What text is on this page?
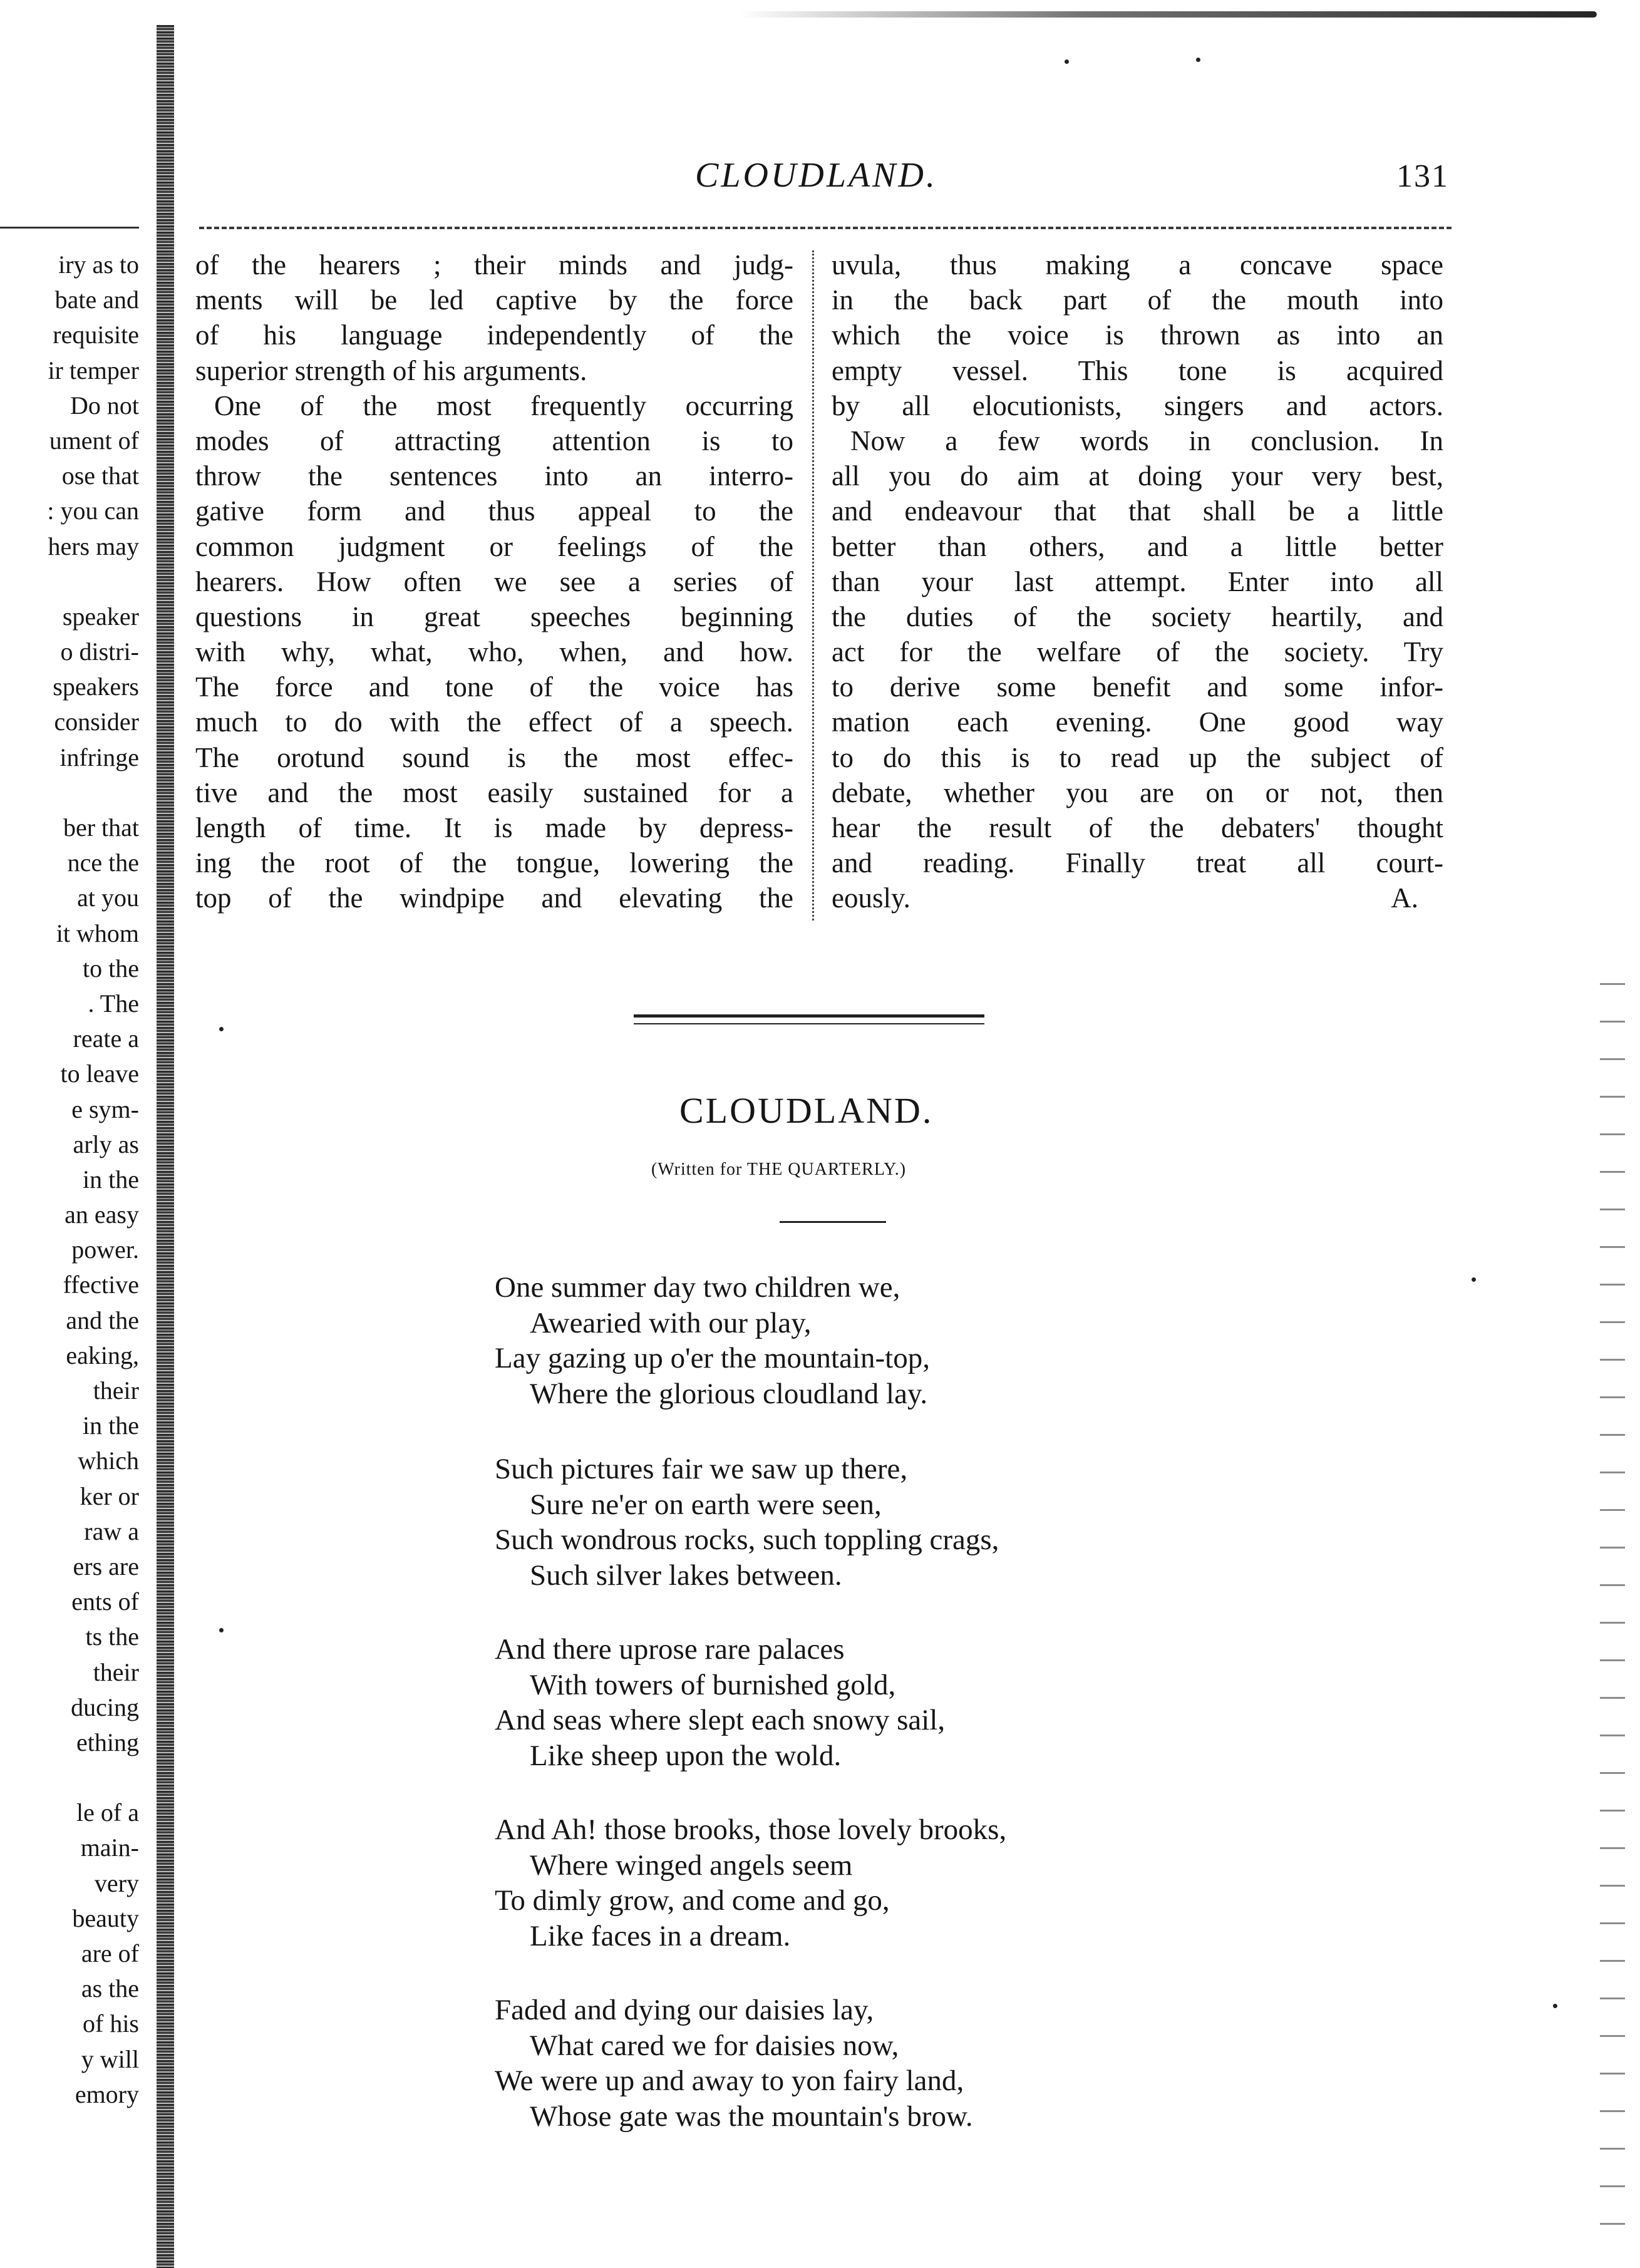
iry as to
bate and
requisite
ir temper
Do not
ument of
ose that
: you can
hers may
speaker
o distri-
speakers
consider
infringe
ber that
nce the
at you
it whom
to the
. The
reate a
to leave
e sym-
arly as
in the
an easy
power.
ffective
and the
eaking,
their
in the
which
ker or
raw a
ers are
ents of
ts the
their
ducing
ething
le of a
main-
very
beauty
are of
as the
of his
y will
emory
CLOUDLAND.	131
of the hearers ; their minds and judg-
ments will be led captive by the force
of his language independently of the
superior strength of his arguments.
One of the most frequently occurring
modes of attracting attention is to
throw the sentences into an interro-
gative form and thus appeal to the
common judgment or feelings of the
hearers. How often we see a series of
questions in great speeches beginning
with why, what, who, when, and how.
The force and tone of the voice has
much to do with the effect of a speech.
The orotund sound is the most effec-
tive and the most easily sustained for a
length of time. It is made by depress-
ing the root of the tongue, lowering the
top of the windpipe and elevating the
uvula, thus making a concave space
in the back part of the mouth into
which the voice is thrown as into an
empty vessel. This tone is acquired
by all elocutionists, singers and actors.
Now a few words in conclusion. In
all you do aim at doing your very best,
and endeavour that that shall be a little
better than others, and a little better
than your last attempt. Enter into all
the duties of the society heartily, and
act for the welfare of the society. Try
to derive some benefit and some infor-
mation each evening. One good way
to do this is to read up the subject of
debate, whether you are on or not, then
hear the result of the debaters' thought
and reading. Finally treat all court-
eously.	A.
CLOUDLAND.
(Written for THE QUARTERLY.)
One summer day two children we,
Awearied with our play,
Lay gazing up o'er the mountain-top,
Where the glorious cloudland lay.
Such pictures fair we saw up there,
Sure ne'er on earth were seen,
Such wondrous rocks, such toppling crags,
Such silver lakes between.
And there uprose rare palaces
With towers of burnished gold,
And seas where slept each snowy sail,
Like sheep upon the wold.
And Ah! those brooks, those lovely brooks,
Where winged angels seem
To dimly grow, and come and go,
Like faces in a dream.
Faded and dying our daisies lay,
What cared we for daisies now,
We were up and away to yon fairy land,
Whose gate was the mountain's brow.
